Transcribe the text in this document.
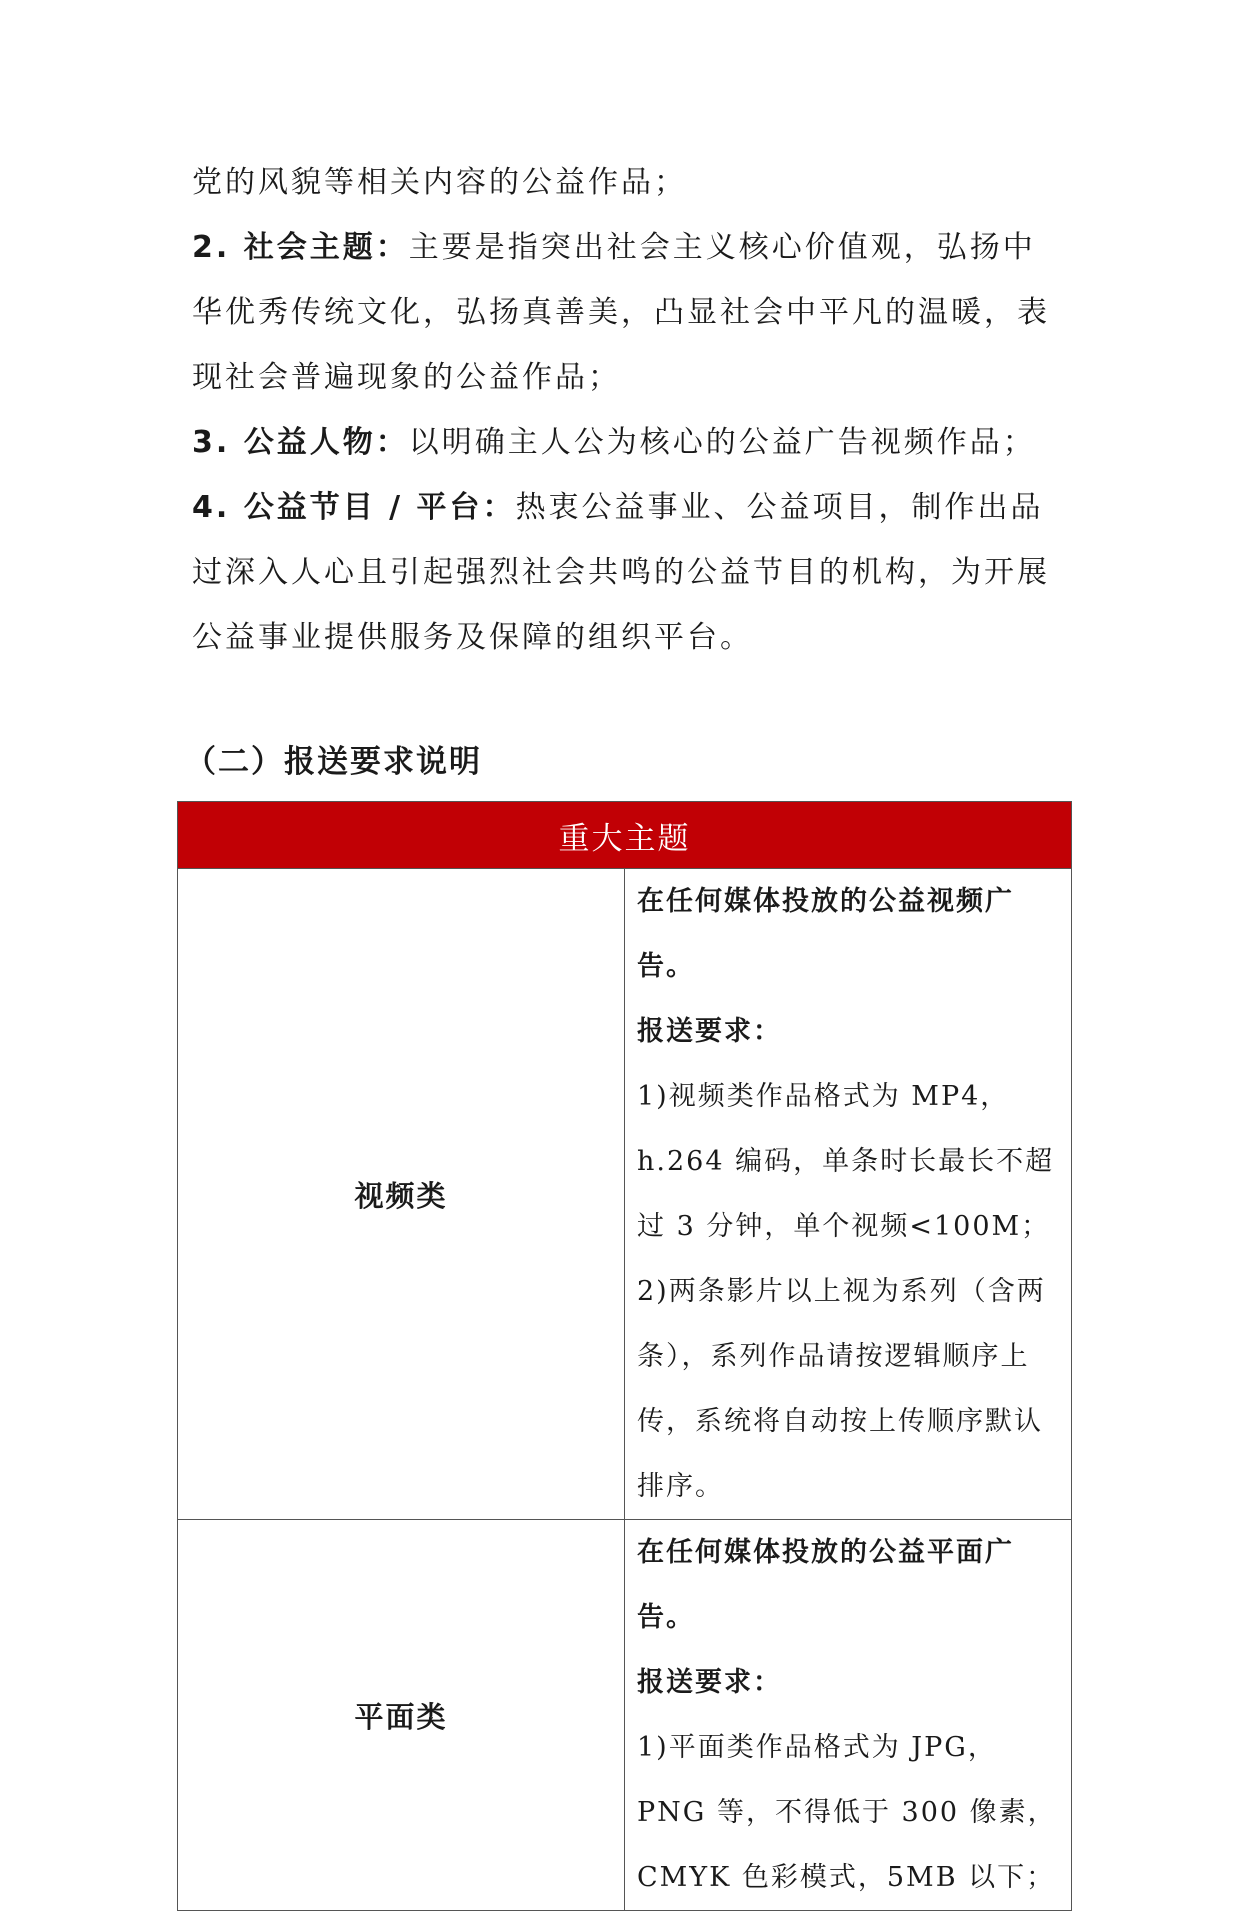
党的风貌等相关内容的公益作品；

2. 社会主题：主要是指突出社会主义核心价值观，弘扬中华优秀传统文化，弘扬真善美，凸显社会中平凡的温暖，表现社会普遍现象的公益作品；

3. 公益人物：以明确主人公为核心的公益广告视频作品；

4. 公益节目 / 平台：热衷公益事业、公益项目，制作出品过深入人心且引起强烈社会共鸣的公益节目的机构，为开展公益事业提供服务及保障的组织平台。

（二）报送要求说明
重大主题	
视频类	在任何媒体投放的公益视频广告。

报送要求：

1)视频类作品格式为 MP4，h.264 编码，单条时长最长不超过 3 分钟，单个视频<100M；

2)两条影片以上视为系列（含两条），系列作品请按逻辑顺序上传，系统将自动按上传顺序默认排序。

平面类	在任何媒体投放的公益平面广告。

报送要求：

1)平面类作品格式为 JPG，PNG 等，不得低于 300 像素，CMYK 色彩模式，5MB 以下；
